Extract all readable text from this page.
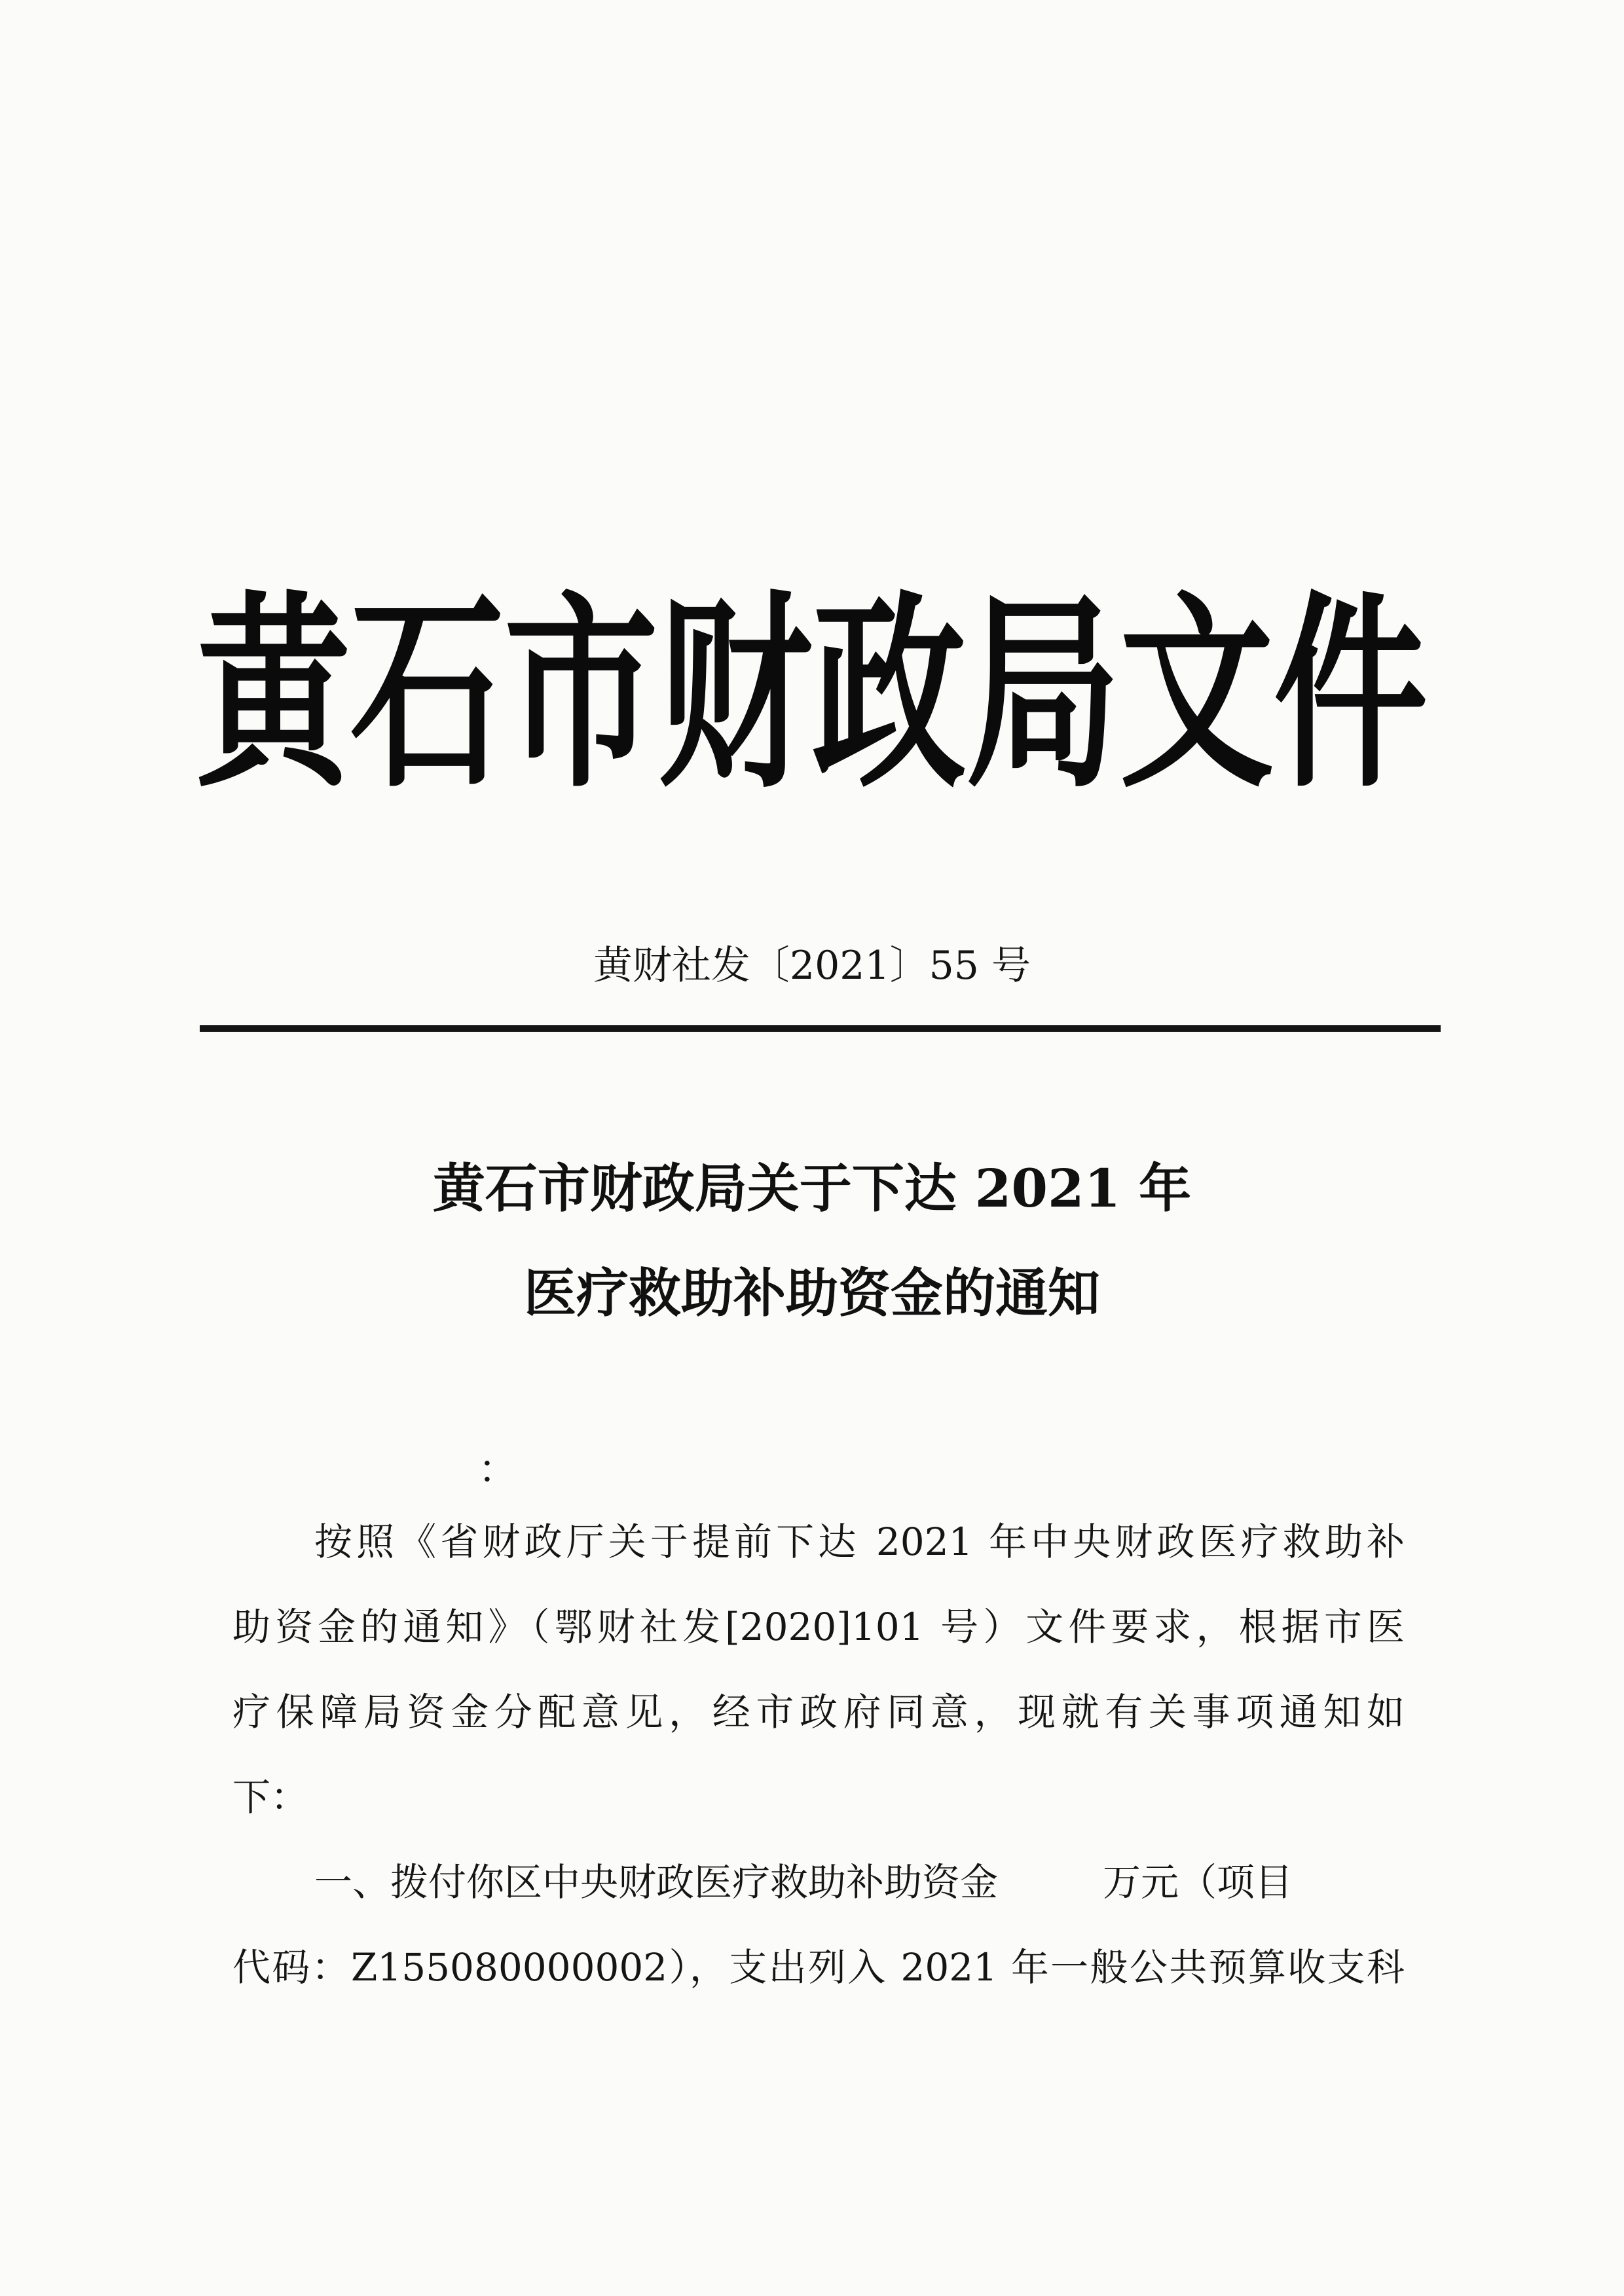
黄 石 市 财 政 局 文 件
黄财社发〔2021〕55 号
黄石市财政局关于下达 2021 年
医疗救助补助资金的通知
：
按照《省财政厅关于提前下达 2021 年中央财政医疗救助补
助资金的通知》（鄂财社发[2020]101 号）文件要求，根据市医
疗保障局资金分配意见，经市政府同意，现就有关事项通知如
下：
一、拨付你区中央财政医疗救助补助资金	万元（项目
代码：Z155080000002），支出列入 2021 年一般公共预算收支科
